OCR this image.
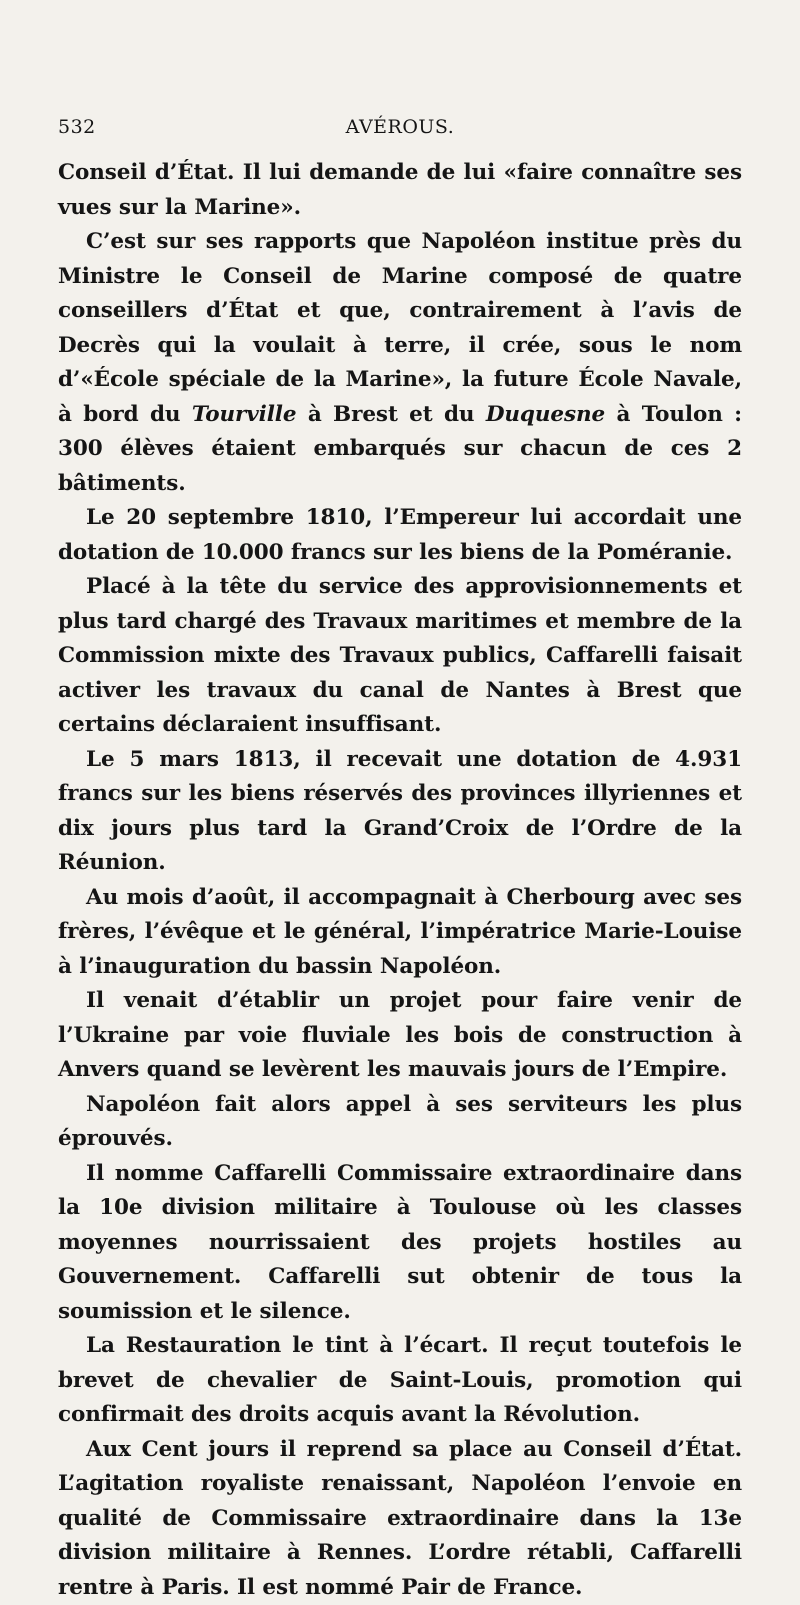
532	AVÉROUS.

Conseil d’État. Il lui demande de lui «faire connaître ses vues sur la Marine».

C’est sur ses rapports que Napoléon institue près du Ministre le Conseil de Marine composé de quatre conseillers d’État et que, contrairement à l’avis de Decrès qui la voulait à terre, il crée, sous le nom d’«École spéciale de la Marine», la future École Navale, à bord du Tourville à Brest et du Duquesne à Toulon : 300 élèves étaient embarqués sur chacun de ces 2 bâtiments.

Le 20 septembre 1810, l’Empereur lui accordait une dotation de 10.000 francs sur les biens de la Poméranie.

Placé à la tête du service des approvisionnements et plus tard chargé des Travaux maritimes et membre de la Commission mixte des Travaux publics, Caffarelli faisait activer les travaux du canal de Nantes à Brest que certains déclaraient insuffisant.

Le 5 mars 1813, il recevait une dotation de 4.931 francs sur les biens réservés des provinces illyriennes et dix jours plus tard la Grand’Croix de l’Ordre de la Réunion.

Au mois d’août, il accompagnait à Cherbourg avec ses frères, l’évêque et le général, l’impératrice Marie-Louise à l’inauguration du bassin Napoléon.

Il venait d’établir un projet pour faire venir de l’Ukraine par voie fluviale les bois de construction à Anvers quand se levèrent les mauvais jours de l’Empire.

Napoléon fait alors appel à ses serviteurs les plus éprouvés.

Il nomme Caffarelli Commissaire extraordinaire dans la 10e division militaire à Toulouse où les classes moyennes nourrissaient des projets hostiles au Gouvernement. Caffarelli sut obtenir de tous la soumission et le silence.

La Restauration le tint à l’écart. Il reçut toutefois le brevet de chevalier de Saint-Louis, promotion qui confirmait des droits acquis avant la Révolution.

Aux Cent jours il reprend sa place au Conseil d’État. L’agitation royaliste renaissant, Napoléon l’envoie en qualité de Commissaire extraordinaire dans la 13e division militaire à Rennes. L’ordre rétabli, Caffarelli rentre à Paris. Il est nommé Pair de France.
